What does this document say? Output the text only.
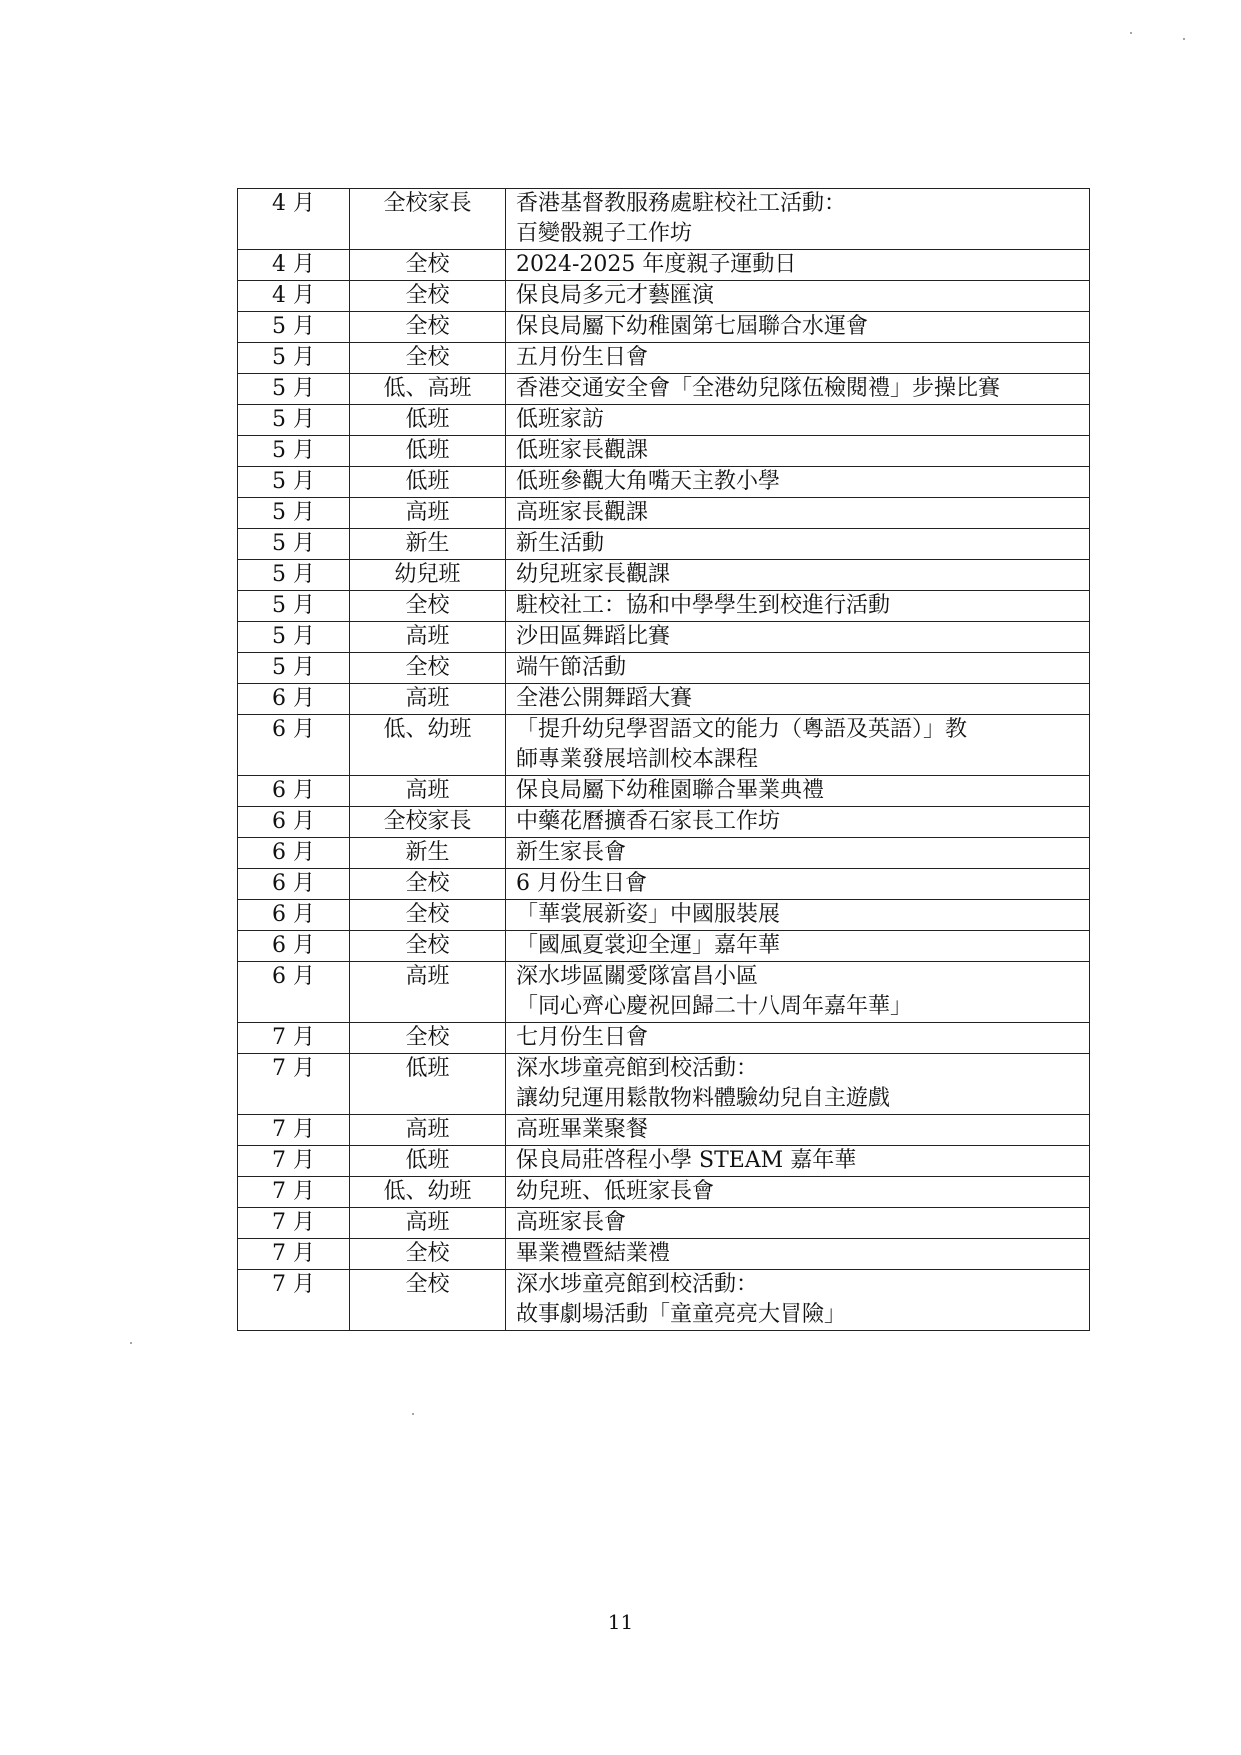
4 月	全校家長	香港基督教服務處駐校社工活動：
百變骰親子工作坊
4 月	全校	2024-2025 年度親子運動日
4 月	全校	保良局多元才藝匯演
5 月	全校	保良局屬下幼稚園第七屆聯合水運會
5 月	全校	五月份生日會
5 月	低、高班	香港交通安全會「全港幼兒隊伍檢閱禮」步操比賽
5 月	低班	低班家訪
5 月	低班	低班家長觀課
5 月	低班	低班參觀大角嘴天主教小學
5 月	高班	高班家長觀課
5 月	新生	新生活動
5 月	幼兒班	幼兒班家長觀課
5 月	全校	駐校社工：協和中學學生到校進行活動
5 月	高班	沙田區舞蹈比賽
5 月	全校	端午節活動
6 月	高班	全港公開舞蹈大賽
6 月	低、幼班	「提升幼兒學習語文的能力（粵語及英語）」教
師專業發展培訓校本課程
6 月	高班	保良局屬下幼稚園聯合畢業典禮
6 月	全校家長	中藥花曆擴香石家長工作坊
6 月	新生	新生家長會
6 月	全校	6 月份生日會
6 月	全校	「華裳展新姿」中國服裝展
6 月	全校	「國風夏裳迎全運」嘉年華
6 月	高班	深水埗區關愛隊富昌小區
「同心齊心慶祝回歸二十八周年嘉年華」
7 月	全校	七月份生日會
7 月	低班	深水埗童亮館到校活動：
讓幼兒運用鬆散物料體驗幼兒自主遊戲
7 月	高班	高班畢業聚餐
7 月	低班	保良局莊啓程小學 STEAM 嘉年華
7 月	低、幼班	幼兒班、低班家長會
7 月	高班	高班家長會
7 月	全校	畢業禮暨結業禮
7 月	全校	深水埗童亮館到校活動：
故事劇場活動「童童亮亮大冒險」
11
